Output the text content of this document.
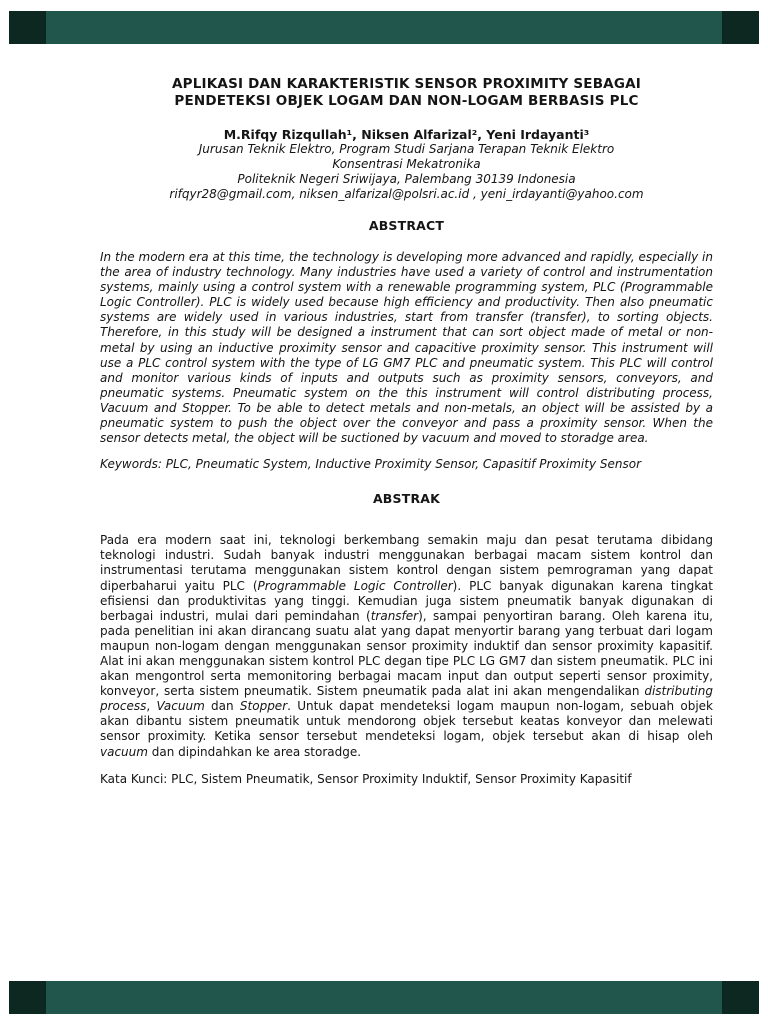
APLIKASI DAN KARAKTERISTIK SENSOR PROXIMITY SEBAGAI
PENDETEKSI OBJEK LOGAM DAN NON-LOGAM BERBASIS PLC
M.Rifqy Rizqullah¹, Niksen Alfarizal², Yeni Irdayanti³
Jurusan Teknik Elektro, Program Studi Sarjana Terapan Teknik Elektro
Konsentrasi Mekatronika
Politeknik Negeri Sriwijaya, Palembang 30139 Indonesia
rifqyr28@gmail.com, niksen_alfarizal@polsri.ac.id , yeni_irdayanti@yahoo.com
ABSTRACT

In the modern era at this time, the technology is developing more advanced and rapidly, especially in the area of industry technology. Many industries have used a variety of control and instrumentation systems, mainly using a control system with a renewable programming system, PLC (Programmable Logic Controller). PLC is widely used because high efficiency and productivity. Then also pneumatic systems are widely used in various industries, start from transfer (transfer), to sorting objects. Therefore, in this study will be designed a instrument that can sort object made of metal or non-metal by using an inductive proximity sensor and capacitive proximity sensor. This instrument will use a PLC control system with the type of LG GM7 PLC and pneumatic system. This PLC will control and monitor various kinds of inputs and outputs such as proximity sensors, conveyors, and pneumatic systems. Pneumatic system on the this instrument will control distributing process, Vacuum and Stopper. To be able to detect metals and non-metals, an object will be assisted by a pneumatic system to push the object over the conveyor and pass a proximity sensor. When the sensor detects metal, the object will be suctioned by vacuum and moved to storadge area.

Keywords: PLC, Pneumatic System, Inductive Proximity Sensor, Capasitif Proximity Sensor
ABSTRAK

Pada era modern saat ini, teknologi berkembang semakin maju dan pesat terutama dibidang teknologi industri. Sudah banyak industri menggunakan berbagai macam sistem kontrol dan instrumentasi terutama menggunakan sistem kontrol dengan sistem pemrograman yang dapat diperbaharui yaitu PLC (Programmable Logic Controller). PLC banyak digunakan karena tingkat efisiensi dan produktivitas yang tinggi. Kemudian juga sistem pneumatik banyak digunakan di berbagai industri, mulai dari pemindahan (transfer), sampai penyortiran barang. Oleh karena itu, pada penelitian ini akan dirancang suatu alat yang dapat menyortir barang yang terbuat dari logam maupun non-logam dengan menggunakan sensor proximity induktif dan sensor proximity kapasitif. Alat ini akan menggunakan sistem kontrol PLC degan tipe PLC LG GM7 dan sistem pneumatik. PLC ini akan mengontrol serta memonitoring berbagai macam input dan output seperti sensor proximity, konveyor, serta sistem pneumatik. Sistem pneumatik pada alat ini akan mengendalikan distributing process, Vacuum dan Stopper. Untuk dapat mendeteksi logam maupun non-logam, sebuah objek akan dibantu sistem pneumatik untuk mendorong objek tersebut keatas konveyor dan melewati sensor proximity. Ketika sensor tersebut mendeteksi logam, objek tersebut akan di hisap oleh vacuum dan dipindahkan ke area storadge.

Kata Kunci: PLC, Sistem Pneumatik, Sensor Proximity Induktif, Sensor Proximity Kapasitif
